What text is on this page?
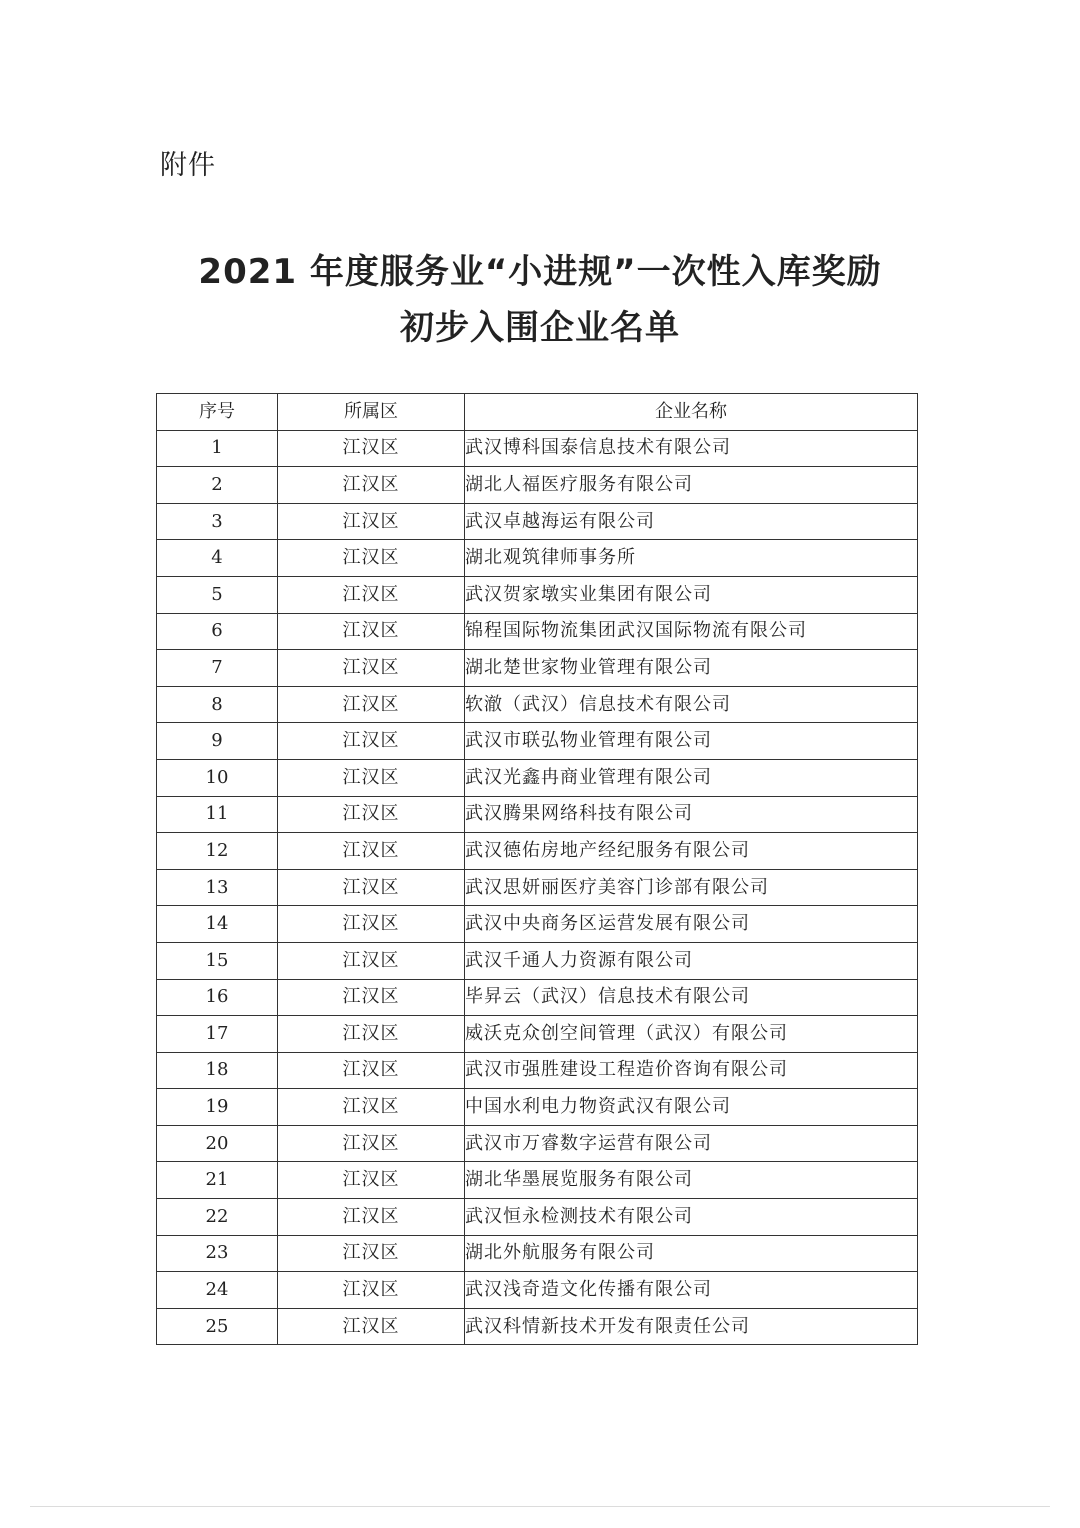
附件
2021 年度服务业“小进规”一次性入库奖励
初步入围企业名单
序号	所属区	企业名称
1	江汉区	武汉博科国泰信息技术有限公司
2	江汉区	湖北人福医疗服务有限公司
3	江汉区	武汉卓越海运有限公司
4	江汉区	湖北观筑律师事务所
5	江汉区	武汉贺家墩实业集团有限公司
6	江汉区	锦程国际物流集团武汉国际物流有限公司
7	江汉区	湖北楚世家物业管理有限公司
8	江汉区	软澈（武汉）信息技术有限公司
9	江汉区	武汉市联弘物业管理有限公司
10	江汉区	武汉光鑫冉商业管理有限公司
11	江汉区	武汉腾果网络科技有限公司
12	江汉区	武汉德佑房地产经纪服务有限公司
13	江汉区	武汉思妍丽医疗美容门诊部有限公司
14	江汉区	武汉中央商务区运营发展有限公司
15	江汉区	武汉千通人力资源有限公司
16	江汉区	毕昇云（武汉）信息技术有限公司
17	江汉区	威沃克众创空间管理（武汉）有限公司
18	江汉区	武汉市强胜建设工程造价咨询有限公司
19	江汉区	中国水利电力物资武汉有限公司
20	江汉区	武汉市万睿数字运营有限公司
21	江汉区	湖北华墨展览服务有限公司
22	江汉区	武汉恒永检测技术有限公司
23	江汉区	湖北外航服务有限公司
24	江汉区	武汉浅奇造文化传播有限公司
25	江汉区	武汉科情新技术开发有限责任公司
